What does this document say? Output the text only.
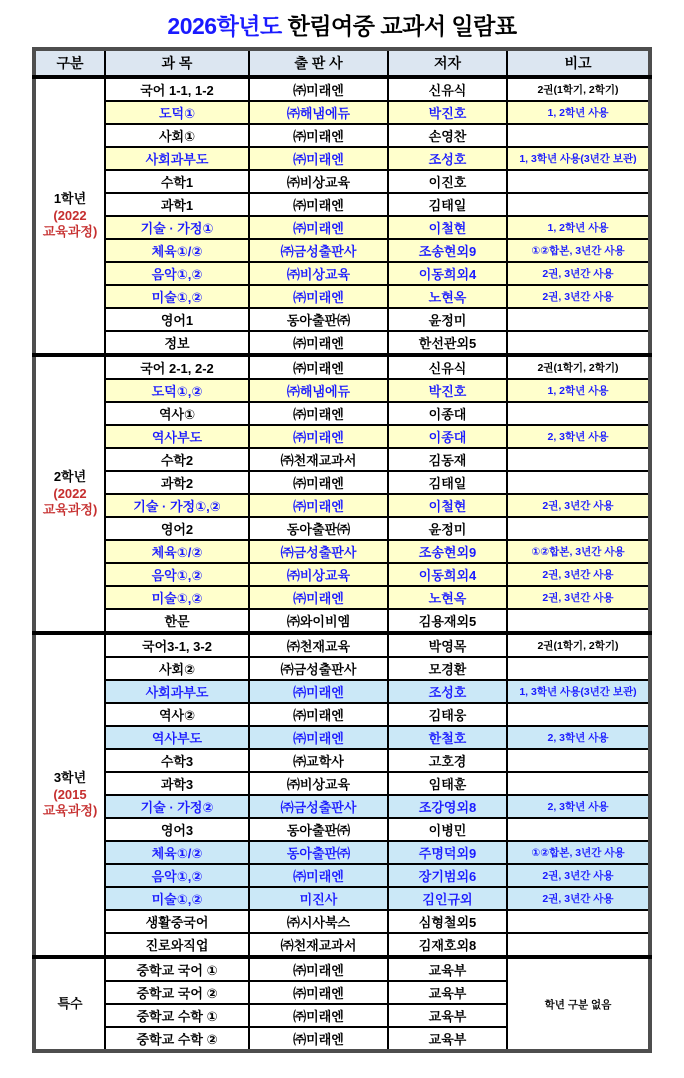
2026학년도 한림여중 교과서 일람표
구분	과 목	출 판 사	저자	비고

1학년
(2022
교육과정)	국어 1-1, 1-2	㈜미래엔	신유식	2권(1학기, 2학기)
	도덕①	㈜해냄에듀	박진호	1, 2학년 사용
	사회①	㈜미래엔	손영찬	
	사회과부도	㈜미래엔	조성호	1, 3학년 사용(3년간 보관)
	수학1	㈜비상교육	이진호	
	과학1	㈜미래엔	김태일	
	기술 · 가정①	㈜미래엔	이철현	1, 2학년 사용
	체육①/②	㈜금성출판사	조송현외9	①②합본, 3년간 사용
	음악①,②	㈜비상교육	이동희외4	2권, 3년간 사용
	미술①,②	㈜미래엔	노현옥	2권, 3년간 사용
	영어1	동아출판㈜	윤정미	
	정보	㈜미래엔	한선관외5	

2학년
(2022
교육과정)	국어 2-1, 2-2	㈜미래엔	신유식	2권(1학기, 2학기)
	도덕①,②	㈜해냄에듀	박진호	1, 2학년 사용
	역사①	㈜미래엔	이종대	
	역사부도	㈜미래엔	이종대	2, 3학년 사용
	수학2	㈜천재교과서	김동재	
	과학2	㈜미래엔	김태일	
	기술 · 가정①,②	㈜미래엔	이철현	2권, 3년간 사용
	영어2	동아출판㈜	윤정미	
	체육①/②	㈜금성출판사	조송현외9	①②합본, 3년간 사용
	음악①,②	㈜비상교육	이동희외4	2권, 3년간 사용
	미술①,②	㈜미래엔	노현옥	2권, 3년간 사용
	한문	㈜와이비엠	김용재외5	

3학년
(2015
교육과정)	국어3-1, 3-2	㈜천재교육	박영목	2권(1학기, 2학기)
	사회②	㈜금성출판사	모경환	
	사회과부도	㈜미래엔	조성호	1, 3학년 사용(3년간 보관)
	역사②	㈜미래엔	김태웅	
	역사부도	㈜미래엔	한철호	2, 3학년 사용
	수학3	㈜교학사	고호경	
	과학3	㈜비상교육	임태훈	
	기술 · 가정②	㈜금성출판사	조강영외8	2, 3학년 사용
	영어3	동아출판㈜	이병민	
	체육①/②	동아출판㈜	주명덕외9	①②합본, 3년간 사용
	음악①,②	㈜미래엔	장기범외6	2권, 3년간 사용
	미술①,②	미진사	김인규외	2권, 3년간 사용
	생활중국어	㈜시사북스	심형철외5	
	진로와직업	㈜천재교과서	김재호외8	

특수	중학교 국어 ①	㈜미래엔	교육부	학년 구분 없음
	중학교 국어 ②	㈜미래엔	교육부	
	중학교 수학 ①	㈜미래엔	교육부	
	중학교 수학 ②	㈜미래엔	교육부	
